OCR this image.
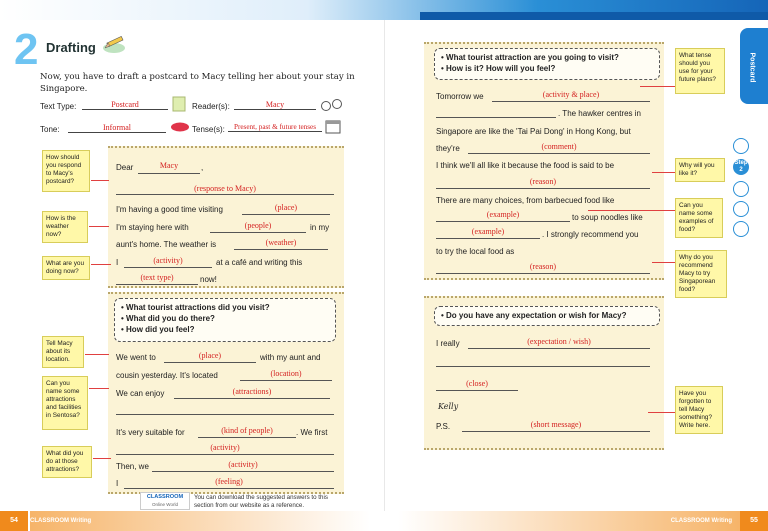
Postcard
Step 2
2 Drafting
Now, you have to draft a postcard to Macy telling her about your stay in Singapore.
Text Type:	Postcard	Reader(s):	Macy
Tone:	Informal	Tense(s):	Present, past & future tenses
Dear	Macy	,
(response to Macy)
I'm having a good time visiting	(place)
I'm staying here with	(people)	in my
aunt's home. The weather is	(weather)
I	(activity)	at a café and writing this
(text type)	now!
• What tourist attractions did you visit?
• What did you do there?
• How did you feel?
We went to	(place)	with my aunt and
cousin yesterday. It's located	(location)
We can enjoy	(attractions)
It's very suitable for	(kind of people)	. We first
(activity)
Then, we	(activity)
I	(feeling)
How should you respond to Macy's postcard?
How is the weather now?
What are you doing now?
Tell Macy about its location.
Can you name some attractions and facilities in Sentosa?
What did you do at those attractions?
CLASSROOM
Online World
You can download the suggested answers to this section from our website as a reference.
• What tourist attraction are you going to visit?
• How is it? How will you feel?
Tomorrow we	(activity & place)
. The hawker centres in
Singapore are like the 'Tai Pai Dong' in Hong Kong, but
they're	(comment)
I think we'll all like it because the food is said to be
(reason)
There are many choices, from barbecued food like
(example)	to soup noodles like
(example)	. I strongly recommend you
to try the local food as
(reason)
• Do you have any expectation or wish for Macy?
I really	(expectation / wish)
(close)
Kelly
P.S.	(short message)
What tense should you use for your future plans?
Why will you like it?
Can you name some examples of food?
Why do you recommend Macy to try Singaporean food?
Have you forgotten to tell Macy something? Write here.
54	CLASSROOM Writing	CLASSROOM Writing	55
